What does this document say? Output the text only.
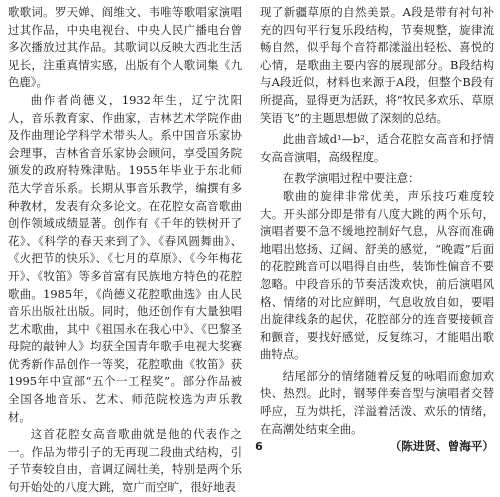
歌歌词。罗天婵、阎维文、韦唯等歌唱家演唱过其作品，中央电视台、中央人民广播电台曾多次播放过其作品。其歌词以反映大西北生活见长，注重真情实感，出版有个人歌词集《九色鹿》。

曲作者尚德义，1932年生，辽宁沈阳人，音乐教育家、作曲家，吉林艺术学院作曲及作曲理论学科学术带头人。系中国音乐家协会理事，吉林省音乐家协会顾问，享受国务院颁发的政府特殊津贴。1955年毕业于东北师范大学音乐系。长期从事音乐教学，编撰有多种教材，发表有众多论文。在花腔女高音歌曲创作领域成绩显著。创作有《千年的铁树开了花》、《科学的春天来到了》、《春风圆舞曲》、《火把节的快乐》、《七月的草原》、《今年梅花开》、《牧笛》等多首富有民族地方特色的花腔歌曲。1985年，《尚德义花腔歌曲选》由人民音乐出版社出版。同时，他还创作有大量独唱艺术歌曲，其中《祖国永在我心中》、《巴黎圣母院的敲钟人》均获全国青年歌手电视大奖赛优秀新作品创作一等奖，花腔歌曲《牧笛》获1995年中宣部“五个一工程奖”。部分作品被全国各地音乐、艺术、师范院校选为声乐教材。

这首花腔女高音歌曲就是他的代表作之一。作品为带引子的无再现二段曲式结构，引子节奏较自由，音调辽阔壮美，特别是两个乐句开始处的八度大跳，宽广而空旷，很好地表

现了新疆草原的自然美景。A段是带有衬句补充的四句平行复乐段结构，节奏规整，旋律流畅自然，似乎每个音符都漾溢出轻松、喜悦的心情，是歌曲主要内容的展现部分。B段结构与A段近似，材料也来源于A段，但整个B段有所提高，显得更为活跃，将“牧民多欢乐、草原笑语飞”的主题思想做了深刻的总结。

此曲音域d¹—b²，适合花腔女高音和抒情女高音演唱，高级程度。

在教学演唱过程中要注意：

歌曲的旋律非常优美，声乐技巧难度较大。开头部分即是带有八度大跳的两个乐句，演唱者要不急不缓地控制好气息，从容而准确地唱出悠扬、辽阔、舒美的感觉，“晚霞”后面的花腔跳音可以唱得自由些，装饰性偏音不要忽略。中段音乐的节奏活泼欢快，前后演唱风格、情绪的对比应鲜明，气息收放自如，要唱出旋律线条的起伏，花腔部分的连音要接顿音和颤音，要找好感觉，反复练习，才能唱出歌曲特点。

结尾部分的情绪随着反复的咏唱而愈加欢快、热烈。此时，钢琴伴奏音型与演唱者交替呼应，互为烘托，洋溢着活泼、欢乐的情绪，在高潮处结束全曲。

（陈进贤、曾海平）

6
